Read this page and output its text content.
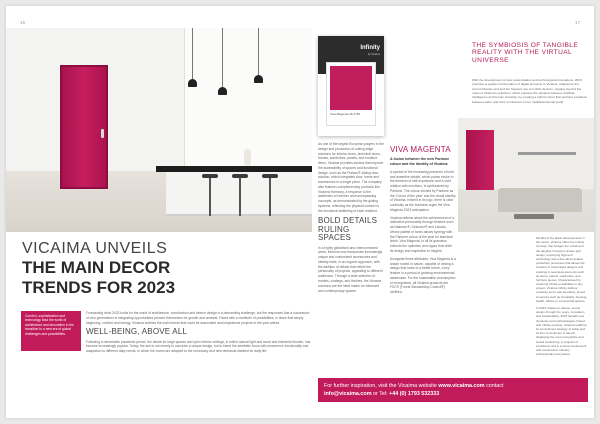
16	17
VICAIMA UNVEILS
THE MAIN DECOR
TRENDS FOR 2023

Comfort, sophistication and technology lead the world of architecture and decoration in the transition to a new era of global challenges and possibilities.

Forecasting what 2023 holds for the world of architecture, construction and interior design is a demanding challenge, but the responses that a succession of new generations is integrating opportunities present themselves for growth and renewal. Faced with a multitude of possibilities, in times that simply beginning, comfort and energy, Vicaima outlines the main trends that could be associated and inspirations projects in the year ahead.

WELL-BEING, ABOVE ALL

Following a remarkable pandemic period, the desire for large spaces and open interior settings, in which natural light and wood and elements flourish, has become increasingly popular. Today, the aim is not merely to conceive a unique design, but to blend the aesthetic focus with movement, functionality and adaptation to different daily needs, in which the rooms are adapted to the necessary and new demands dictated for daily life.

As one of the largest European players in the design and production of cutting-edge solutions for interior doors, technical doors, frames, wardrobes, panels, and furniture items, Vicaima provides studios that improve the accessibility of spaces and functional design, such as the Portaro® sliding door solution, which integrates door, frame and accessories in a single piece. The company also features complementary products like Vicaima Harmony, a response to the aesthetics of interiors and unsurpassing concepts, as demonstrated by the gliding systems, reflecting the physical comfort to the emotional wellbeing of each resident.

BOLD DETAILS RULING SPACES

In a highly globalised and interconnected world, interiors now incorporate increasingly unique and customised accessories and identity traits, in an organic approach, with the addition of details that reflect the personality of projects, appealing to different audiences. Through a wide selection of models, coatings, and finishes, the Vicaima solutions are the ideal match for balanced and contemporary spaces.

Infinity
by Vicaima
Viva Magenta 18-1750
VIVA MAGENTA
A fusion between the new Pantone colour and the identity of Vicaima

A symbol of the increasing presence of bold and assertive details, which points evoke to the freedom of self-expression and a vivid relation with emotions, is synthesized by Pantone. The colour elected by Pantone as the 'Colour of the year' and the visual identity of Vicaima, evident in its logo, there is clear continuity as the business urges the Viva Magenta 2023 anticipation.

Vicaima reflects about the achievement of a distinctive personality through finishes such as Naturdor®, Dekordor® and Lacado, whose palette of tones allows synergy with the Pantone colour of the year for standard finish. Viva Magenta, in all its grandeur, extends the optimism and vigour that drive its design and inspiration to heights.

Alongside these attributes, Viva Magenta is a shade rooted in nature, capable of driving a design that looks to a better future, a key feature in a period of growing environmental awareness. For the sustainable consumption of ecosystems, all Vicaima products are FSC® (Forest Stewardship Council®) certified.

THE SYMBIOSIS OF TANGIBLE REALITY WITH THE VIRTUAL UNIVERSE

With the development of new customisation and technological innovations, 2023 promises a greater incorporation of digital elements in Vicaima, adapted to the current lifestyle and and the frequent use of mobile devices, ranging beyond the mass of Vicaima's collection, which explores the dynamic between Artificial Intelligence and human creativity, by creating a hybrid colour that portrays a balance between warm and cold, reminiscent of our multidimensional world.

Mindful of the latest developments in the sector, Vicaima offers the Infinity concept, that bridges the virtual and the tangible through a unique grid design, employing high-end technology and a free all-innovative production processes that allows the creation of customised designs and coatings in seamless elements such as doors, panels, wardrobes, and furniture pieces. Characterised by exploring infinite possibilities in any project, Vicaima Infinity defines creativity as its sole boundary, aimed at sectors such as hospitality, housing, health, offices or commercial spaces.

In 2023, based on silence, sound design through the years, innovation and sustainability, 2023 heralds new dynamics and methodologies. Faced with infinite pursuits, Vicaima reaffirms its commitment strategy of today and its firm commitment to launch, displaying the most competitive and tested positioning, in projects of excellence and in a close involvement with construction industry professionals everywhere.

For further inspiration, visit the Vicaima website www.vicaima.com contact
info@vicaima.com or Tel: +44 (0) 1793 532333
